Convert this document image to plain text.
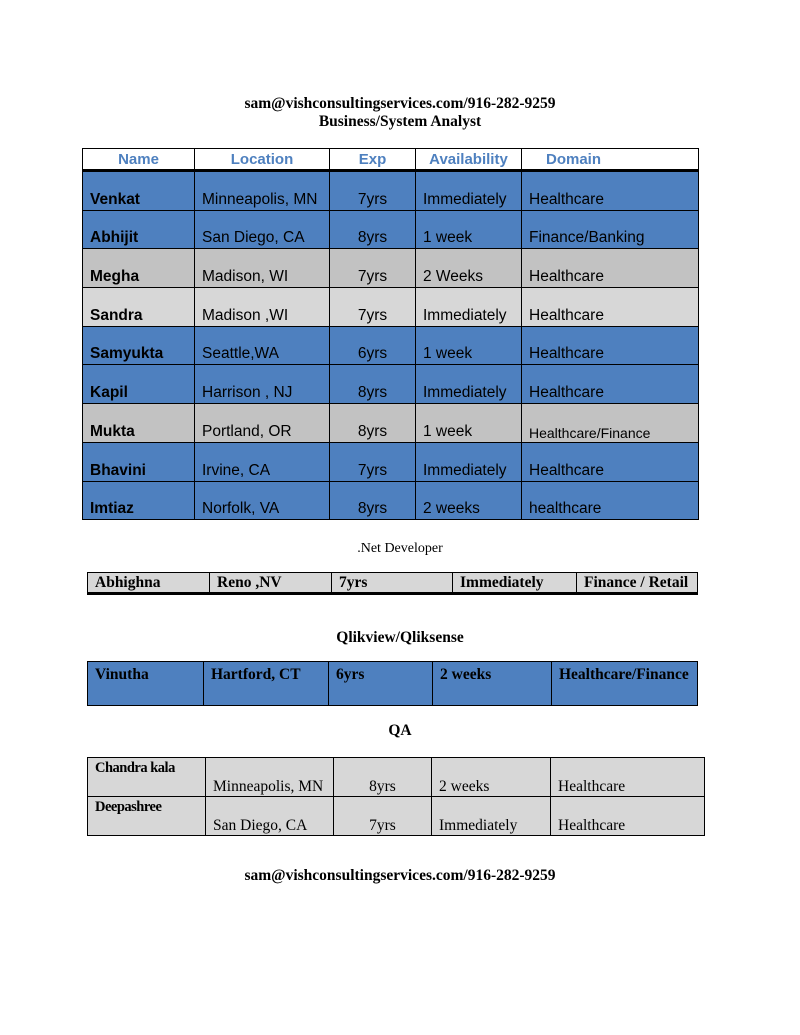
sam@vishconsultingservices.com/916-282-9259
Business/System Analyst
Name	Location	Exp	Availability	Domain
Venkat	Minneapolis, MN	7yrs	Immediately	Healthcare
Abhijit	San Diego, CA	8yrs	1 week	Finance/Banking
Megha	Madison, WI	7yrs	2 Weeks	Healthcare
Sandra	Madison ,WI	7yrs	Immediately	Healthcare
Samyukta	Seattle,WA	6yrs	1 week	Healthcare
Kapil	Harrison , NJ	8yrs	Immediately	Healthcare
Mukta	Portland, OR	8yrs	1 week	Healthcare/Finance
Bhavini	Irvine, CA	7yrs	Immediately	Healthcare
Imtiaz	Norfolk, VA	8yrs	2 weeks	healthcare
.Net Developer
Abhighna	Reno ,NV	7yrs	Immediately	Finance / Retail
Qlikview/Qliksense
Vinutha	Hartford, CT	6yrs	2 weeks	Healthcare/Finance
QA
Chandra kala	Minneapolis, MN	8yrs	2 weeks	Healthcare
Deepashree	San Diego, CA	7yrs	Immediately	Healthcare
sam@vishconsultingservices.com/916-282-9259
